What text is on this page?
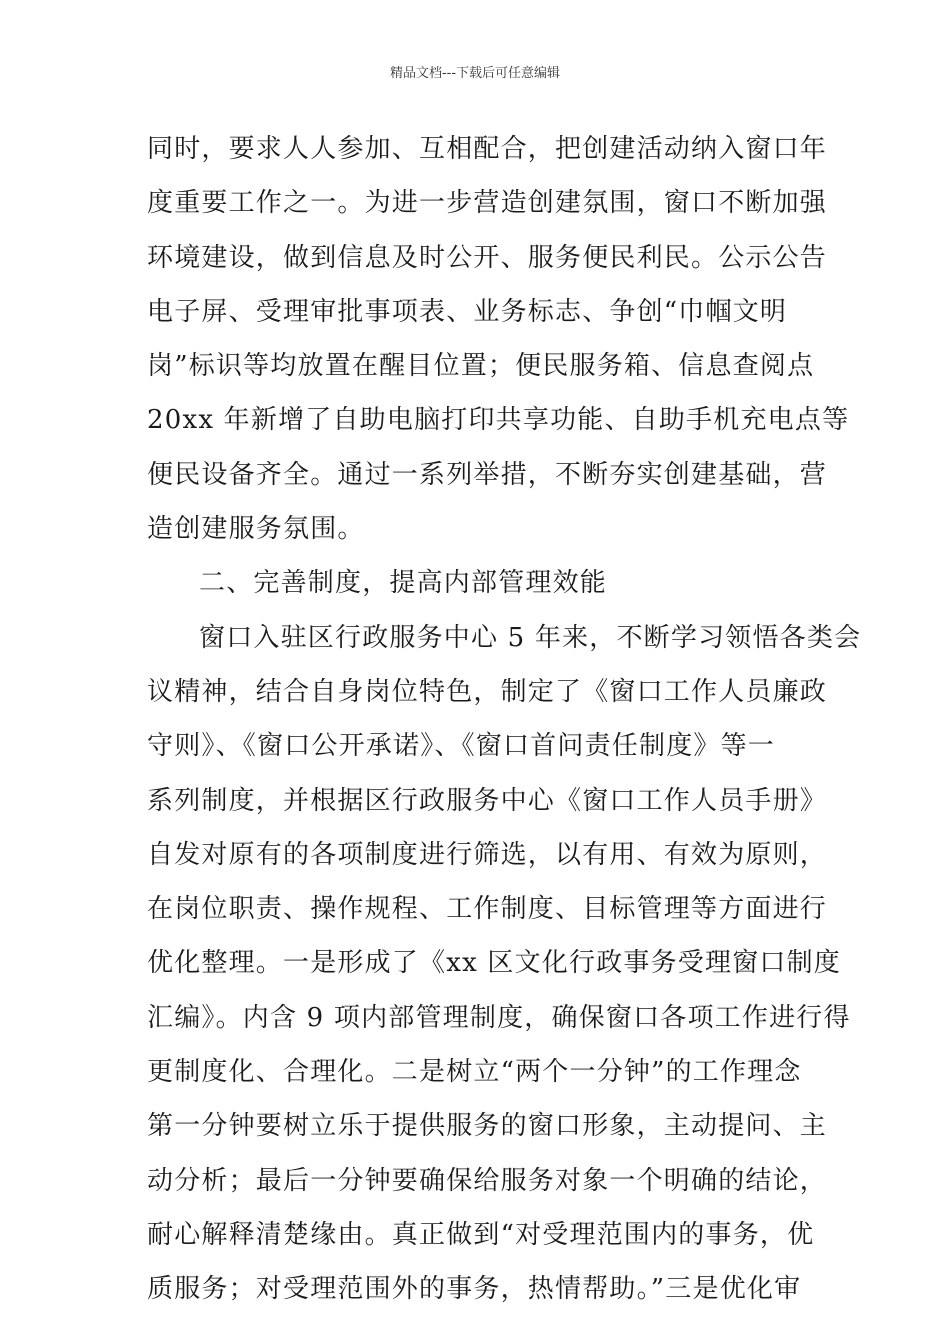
精品文档---下载后可任意编辑
同时，要求人人参加、互相配合，把创建活动纳入窗口年
度重要工作之一。为进一步营造创建氛围，窗口不断加强
环境建设，做到信息及时公开、服务便民利民。公示公告
电子屏、受理审批事项表、业务标志、争创“巾帼文明
岗”标识等均放置在醒目位置；便民服务箱、信息查阅点
20xx 年新增了自助电脑打印共享功能、自助手机充电点等
便民设备齐全。通过一系列举措，不断夯实创建基础，营
造创建服务氛围。
二、完善制度，提高内部管理效能
窗口入驻区行政服务中心 5 年来，不断学习领悟各类会
议精神，结合自身岗位特色，制定了《窗口工作人员廉政
守则》、《窗口公开承诺》、《窗口首问责任制度》等一
系列制度，并根据区行政服务中心《窗口工作人员手册》
自发对原有的各项制度进行筛选，以有用、有效为原则，
在岗位职责、操作规程、工作制度、目标管理等方面进行
优化整理。一是形成了《xx 区文化行政事务受理窗口制度
汇编》。内含 9 项内部管理制度，确保窗口各项工作进行得
更制度化、合理化。二是树立“两个一分钟”的工作理念
第一分钟要树立乐于提供服务的窗口形象，主动提问、主
动分析；最后一分钟要确保给服务对象一个明确的结论，
耐心解释清楚缘由。真正做到“对受理范围内的事务，优
质服务；对受理范围外的事务，热情帮助。”三是优化审
